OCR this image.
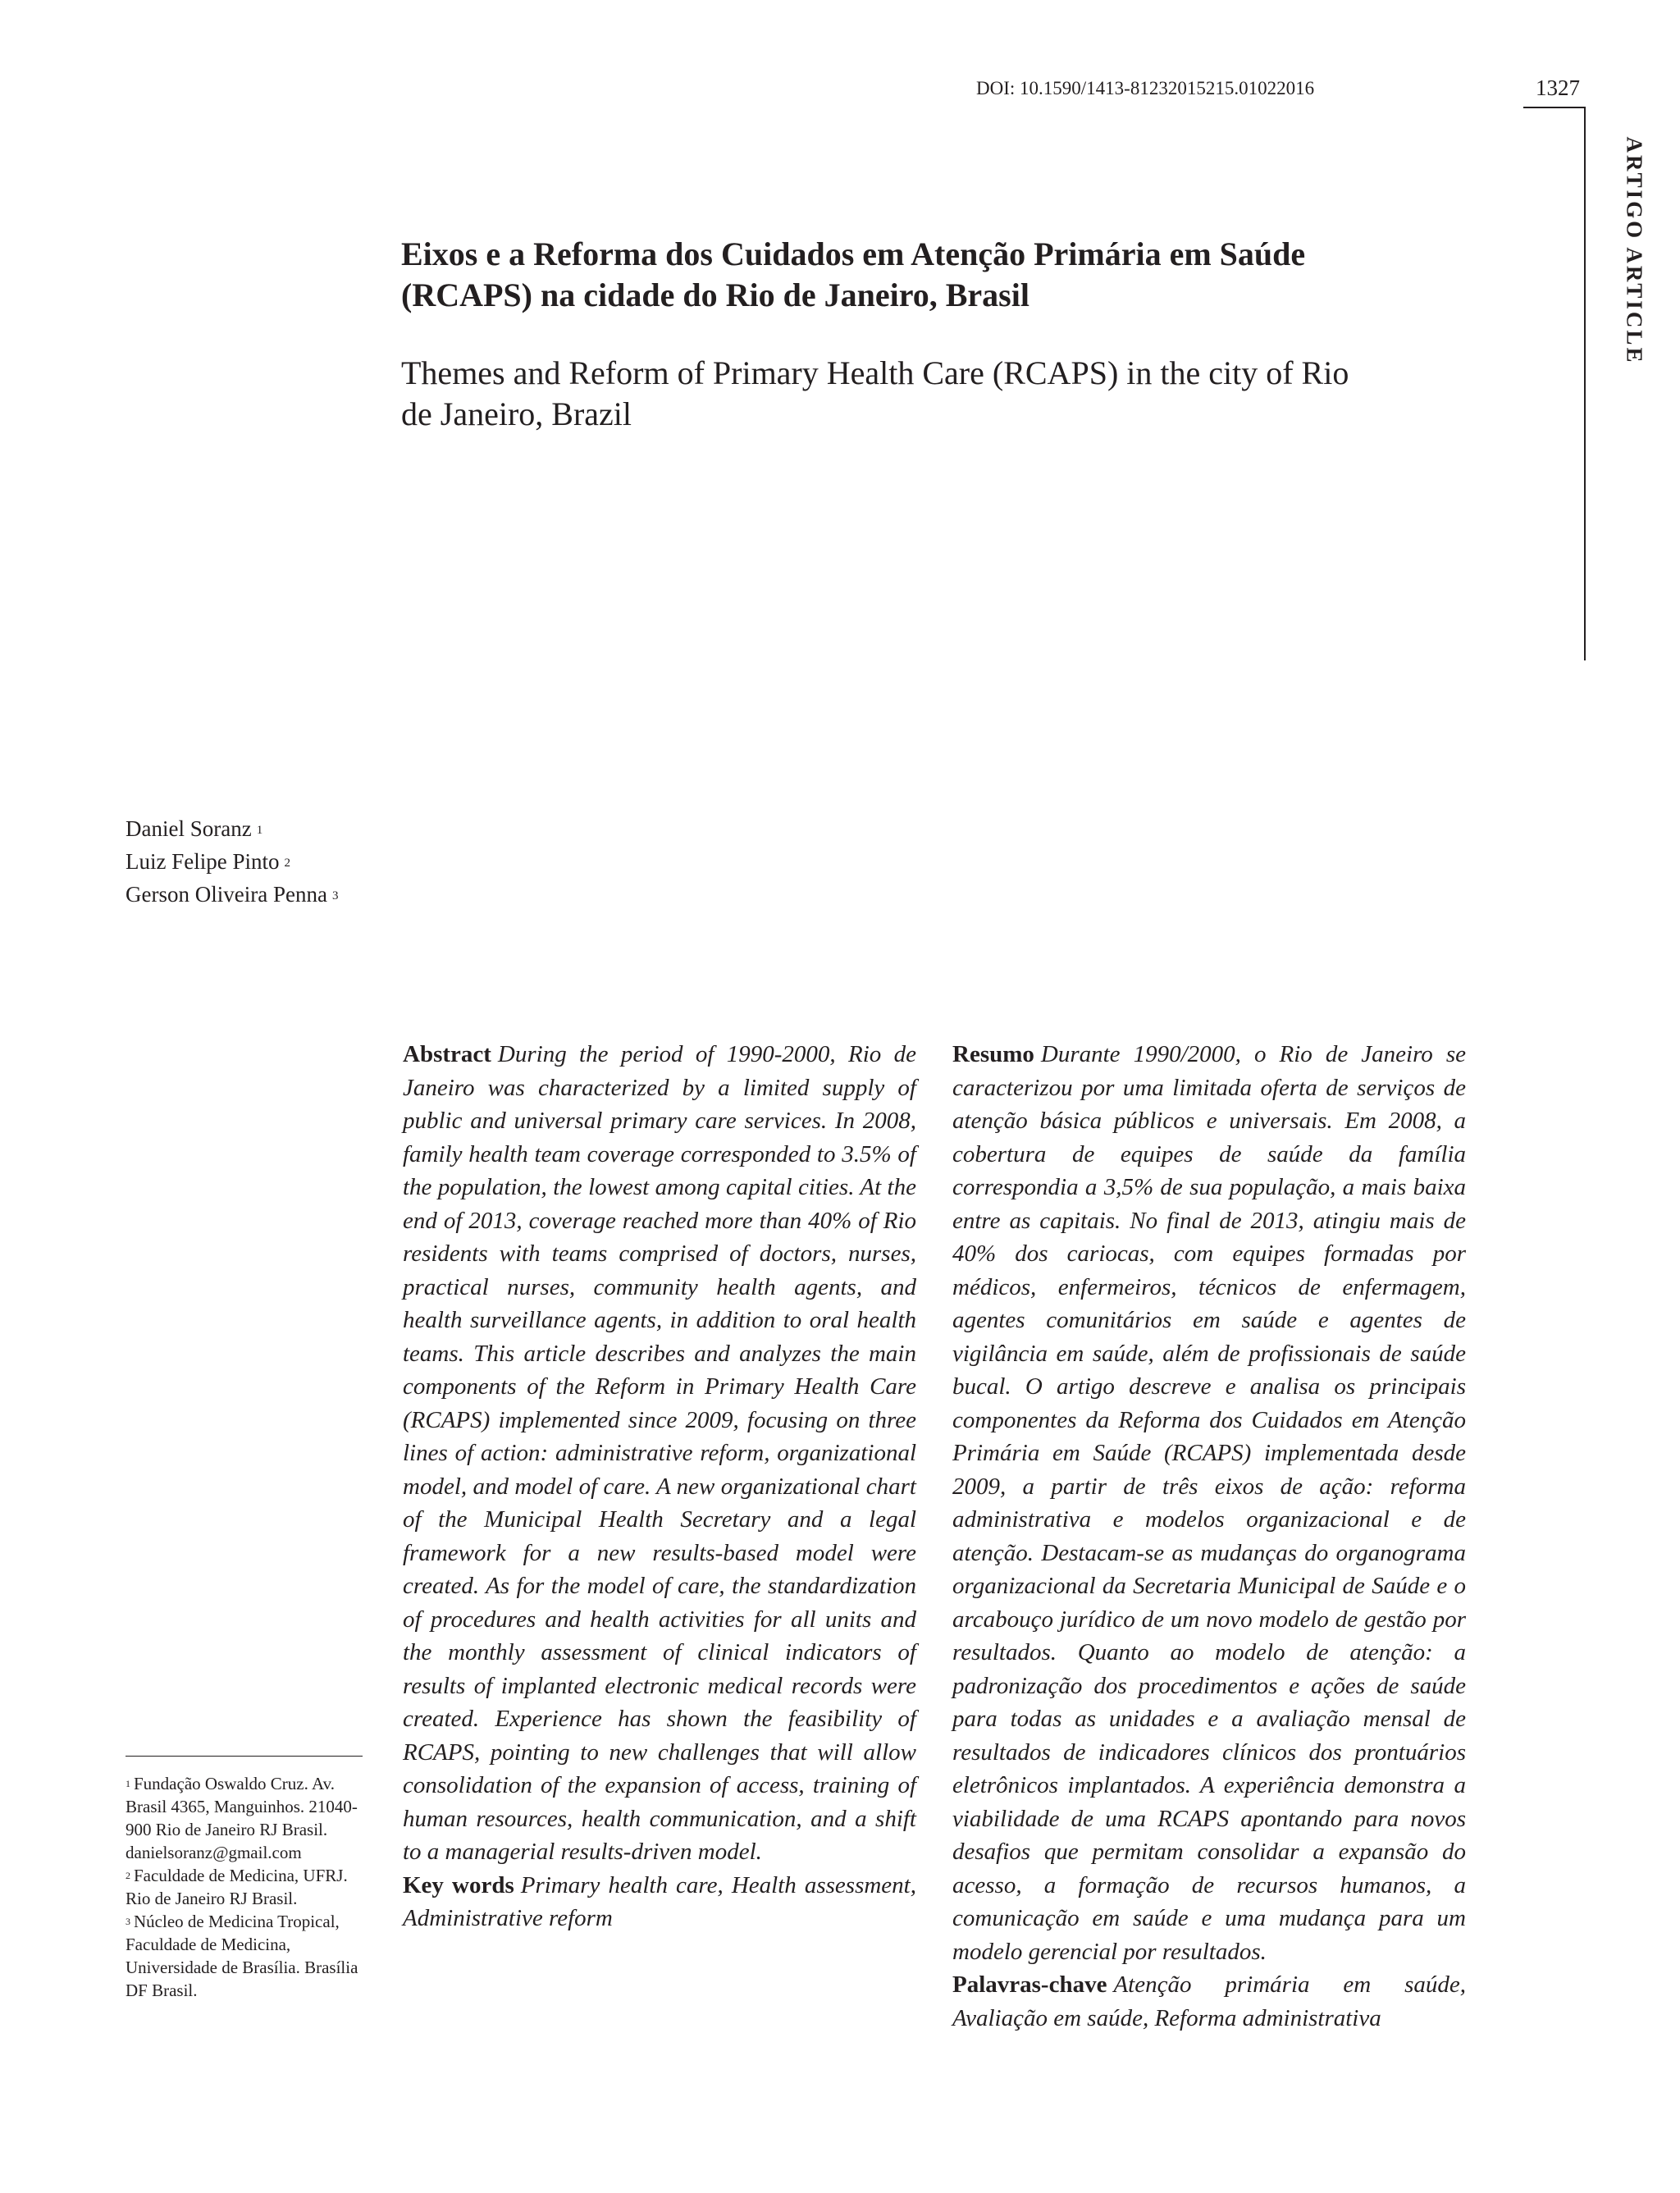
DOI: 10.1590/1413-81232015215.01022016	1327
ARTIGO ARTICLE
Eixos e a Reforma dos Cuidados em Atenção Primária em Saúde (RCAPS) na cidade do Rio de Janeiro, Brasil
Themes and Reform of Primary Health Care (RCAPS) in the city of Rio de Janeiro, Brazil
Daniel Soranz $^1$
Luiz Felipe Pinto $^2$
Gerson Oliveira Penna $^3$

$^1$ Fundação Oswaldo Cruz. Av. Brasil 4365, Manguinhos. 21040-900 Rio de Janeiro RJ Brasil. danielsoranz@gmail.com

$^2$ Faculdade de Medicina, UFRJ. Rio de Janeiro RJ Brasil.

$^3$ Núcleo de Medicina Tropical, Faculdade de Medicina, Universidade de Brasília. Brasília DF Brasil.

Abstract During the period of 1990-2000, Rio de Janeiro was characterized by a limited supply of public and universal primary care services. In 2008, family health team coverage corresponded to 3.5% of the population, the lowest among capital cities. At the end of 2013, coverage reached more than 40% of Rio residents with teams comprised of doctors, nurses, practical nurses, community health agents, and health surveillance agents, in addition to oral health teams. This article describes and analyzes the main components of the Reform in Primary Health Care (RCAPS) implemented since 2009, focusing on three lines of action: administrative reform, organizational model, and model of care. A new organizational chart of the Municipal Health Secretary and a legal framework for a new results-based model were created. As for the model of care, the standardization of procedures and health activities for all units and the monthly assessment of clinical indicators of results of implanted electronic medical records were created. Experience has shown the feasibility of RCAPS, pointing to new challenges that will allow consolidation of the expansion of access, training of human resources, health communication, and a shift to a managerial results-driven model.

Key words Primary health care, Health assessment, Administrative reform

Resumo Durante 1990/2000, o Rio de Janeiro se caracterizou por uma limitada oferta de serviços de atenção básica públicos e universais. Em 2008, a cobertura de equipes de saúde da família correspondia a 3,5% de sua população, a mais baixa entre as capitais. No final de 2013, atingiu mais de 40% dos cariocas, com equipes formadas por médicos, enfermeiros, técnicos de enfermagem, agentes comunitários em saúde e agentes de vigilância em saúde, além de profissionais de saúde bucal. O artigo descreve e analisa os principais componentes da Reforma dos Cuidados em Atenção Primária em Saúde (RCAPS) implementada desde 2009, a partir de três eixos de ação: reforma administrativa e modelos organizacional e de atenção. Destacam-se as mudanças do organograma organizacional da Secretaria Municipal de Saúde e o arcabouço jurídico de um novo modelo de gestão por resultados. Quanto ao modelo de atenção: a padronização dos procedimentos e ações de saúde para todas as unidades e a avaliação mensal de resultados de indicadores clínicos dos prontuários eletrônicos implantados. A experiência demonstra a viabilidade de uma RCAPS apontando para novos desafios que permitam consolidar a expansão do acesso, a formação de recursos humanos, a comunicação em saúde e uma mudança para um modelo gerencial por resultados.

Palavras-chave Atenção primária em saúde, Avaliação em saúde, Reforma administrativa
